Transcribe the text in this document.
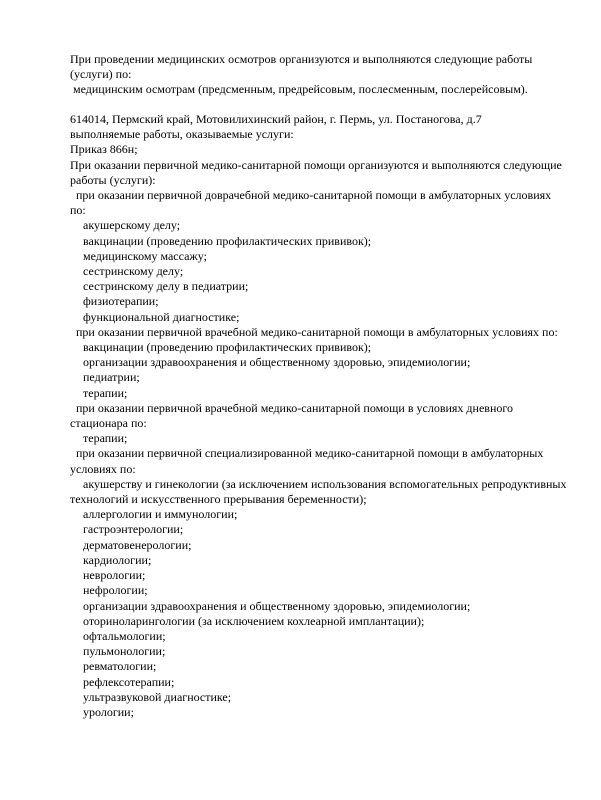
При проведении медицинских осмотров организуются и выполняются следующие работы
(услуги) по:
медицинским осмотрам (предсменным, предрейсовым, послесменным, послерейсовым).
614014, Пермский край, Мотовилихинский район, г. Пермь, ул. Постаногова, д.7
выполняемые работы, оказываемые услуги:
Приказ 866н;
При оказании первичной медико-санитарной помощи организуются и выполняются следующие
работы (услуги):
при оказании первичной доврачебной медико-санитарной помощи в амбулаторных условиях
по:
акушерскому делу;
вакцинации (проведению профилактических прививок);
медицинскому массажу;
сестринскому делу;
сестринскому делу в педиатрии;
физиотерапии;
функциональной диагностике;
при оказании первичной врачебной медико-санитарной помощи в амбулаторных условиях по:
вакцинации (проведению профилактических прививок);
организации здравоохранения и общественному здоровью, эпидемиологии;
педиатрии;
терапии;
при оказании первичной врачебной медико-санитарной помощи в условиях дневного
стационара по:
терапии;
при оказании первичной специализированной медико-санитарной помощи в амбулаторных
условиях по:
акушерству и гинекологии (за исключением использования вспомогательных репродуктивных
технологий и искусственного прерывания беременности);
аллергологии и иммунологии;
гастроэнтерологии;
дерматовенерологии;
кардиологии;
неврологии;
нефрологии;
организации здравоохранения и общественному здоровью, эпидемиологии;
оториноларингологии (за исключением кохлеарной имплантации);
офтальмологии;
пульмонологии;
ревматологии;
рефлексотерапии;
ультразвуковой диагностике;
урологии;
